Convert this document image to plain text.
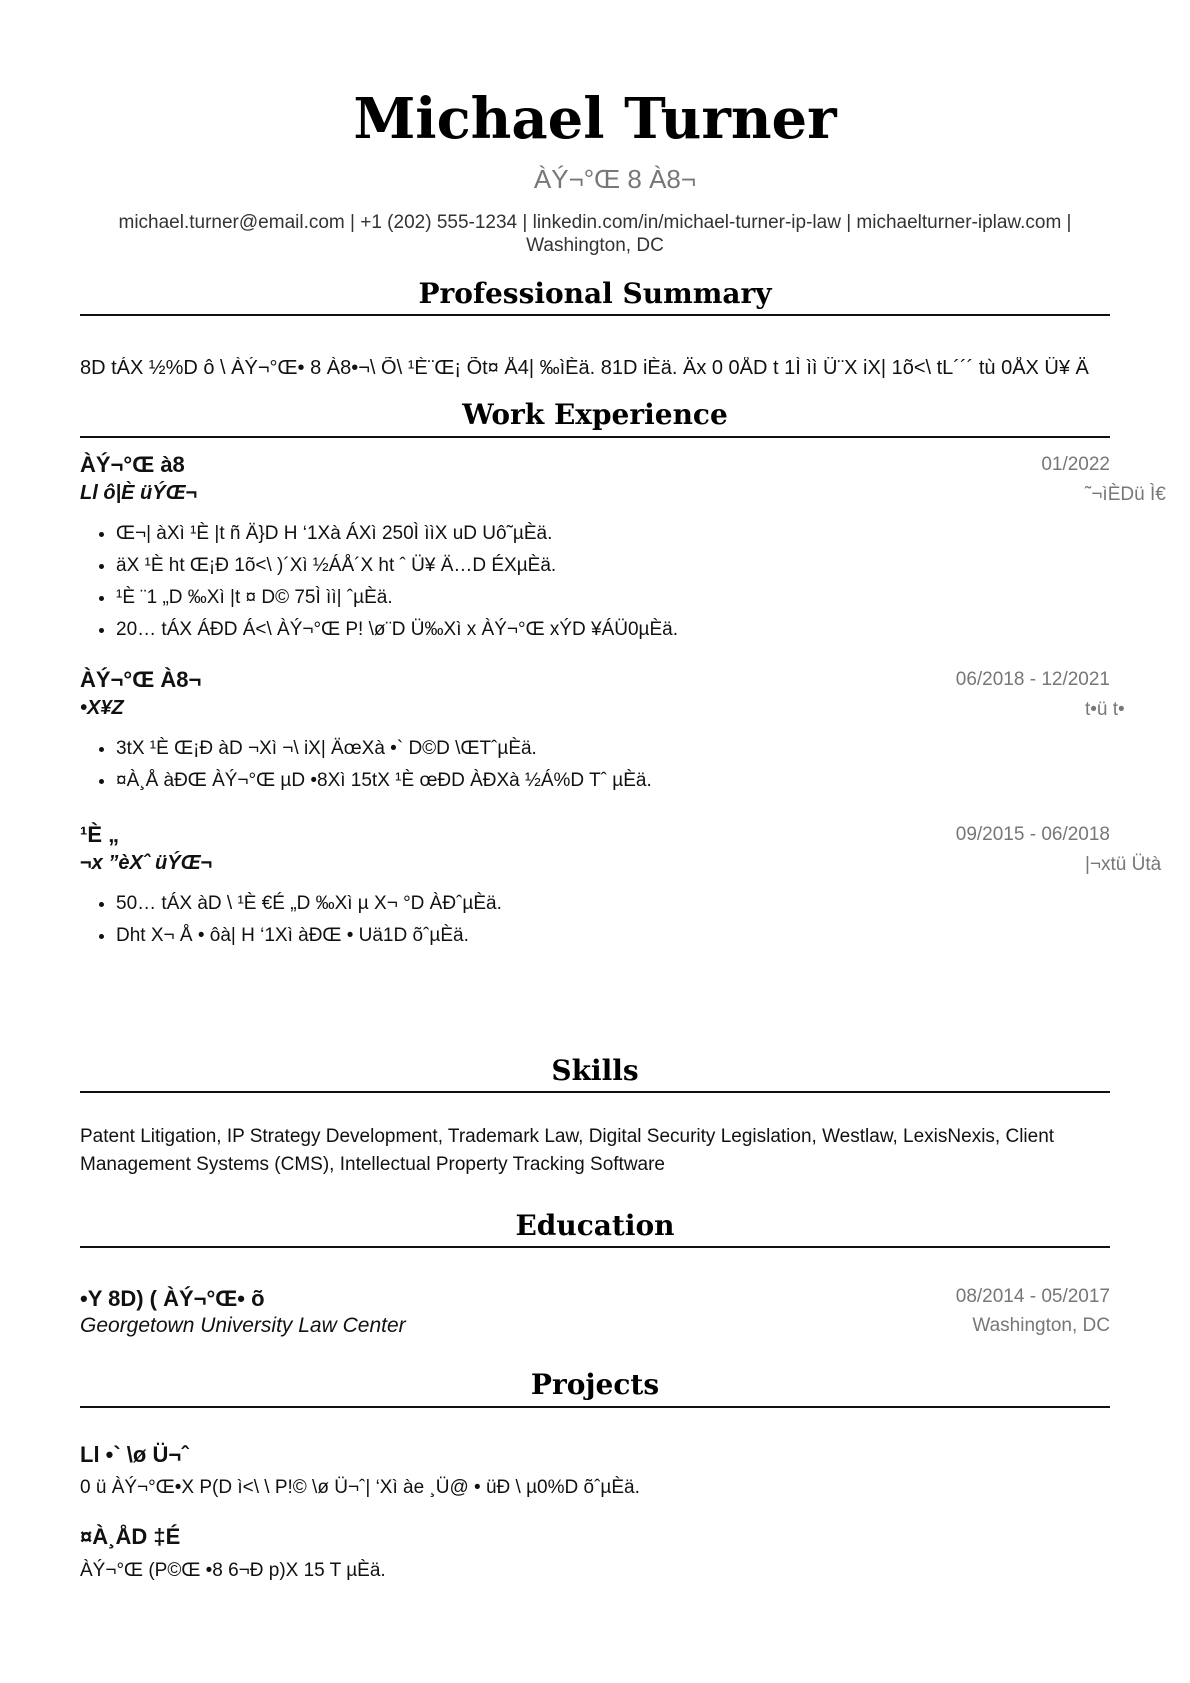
Michael Turner
ÀÝ¬°Œ 8 À8¬
michael.turner@email.com | +1 (202) 555-1234 | linkedin.com/in/michael-turner-ip-law | michaelturner-iplaw.com |
Washington, DC
Professional Summary
8D tÁX ½%D ô \ ÀÝ¬°Œ• 8 À8•¬\ Õ\ ¹È¨Œ¡ Õt¤ Å4| ‰ìÈä. 81D iÈä. Äx 0 0ÅD t 1Ì ìì Ü¨X iX| 1õ<\ tL´´´ tù 0ÅX Ü¥ Ä
Work Experience
ÀÝ¬°Œ à8	01/2022
Ll ô|È üÝŒ¬	˜¬ìÈDü Ì€
• Œ¬| àXì ¹È |t ñ Ä}D H ‘1Xà ÁXì 250Ì ììX uD Uô˜µÈä.
• äX ¹È ht Œ¡Ð 1õ<\ )´Xì ½ÁÅ´X ht ˆ Ü¥ Ä…D ÉXµÈä.
• ¹È ¨1 „D ‰Xì |t ¤ D© 75Ì ìì| ˆµÈä.
• 20… tÁX ÁÐD Á<\ ÀÝ¬°Œ P! \ø¨D Ü‰Xì x ÀÝ¬°Œ xÝD ¥ÁÜ0µÈä.
ÀÝ¬°Œ À8¬	06/2018 - 12/2021
•X¥Z	t•ü t•
• 3tX ¹È Œ¡Ð àD ¬Xì ¬\ iX| ÄœXà •` D©D \ŒTˆµÈä.
• ¤À¸Å àÐŒ ÀÝ¬°Œ µD •8Xì 15tX ¹È œÐD ÀÐXà ½Á%D Tˆ µÈä.
¹È „	09/2015 - 06/2018
¬x ”èXˆ üÝŒ¬	|¬xtü Ütà
• 50… tÁX àD \ ¹È €É „D ‰Xì µ X¬ °D ÀÐˆµÈä.
• Dht X¬ Å • ôà| H ‘1Xì àÐŒ • Uä1D õˆµÈä.
Skills
Patent Litigation, IP Strategy Development, Trademark Law, Digital Security Legislation, Westlaw, LexisNexis, Client Management Systems (CMS), Intellectual Property Tracking Software
Education
•Y 8D) ( ÀÝ¬°Œ• õ	08/2014 - 05/2017
Georgetown University Law Center	Washington, DC
Projects
Ll •` \ø Ü¬ˆ
0 ü ÀÝ¬°Œ•X P(D ì<\ \ P!© \ø Ü¬ˆ| ‘Xì àe ¸Ü@ • üÐ \ µ0%D õˆµÈä.
¤À¸ÅD ‡É
ÀÝ¬°Œ (P©Œ •8 6¬Ð p)X 15 T µÈä.
